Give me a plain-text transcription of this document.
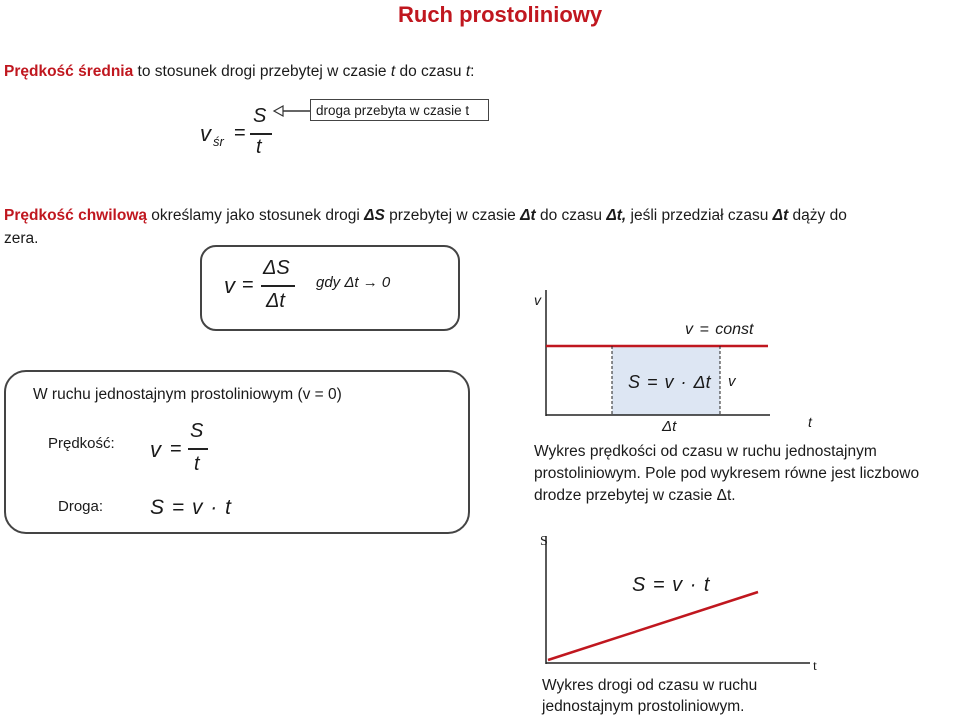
Ruch prostoliniowy
Prędkość średnia to stosunek drogi przebytej w czasie t do czasu t:
v śr =
S
t
droga przebyta w czasie t
Prędkość chwilową określamy jako stosunek drogi ΔS przebytej w czasie Δt do czasu Δt, jeśli przedział czasu Δt dąży do
zera.
v =
ΔS
Δt
gdy Δt → 0
W ruchu jednostajnym prostoliniowym (v = 0)
Prędkość: v =
S
t
Droga: S = v · t
v
v = const
S = v · Δt v
Δt	t
Wykres prędkości od czasu w ruchu jednostajnym
prostoliniowym. Pole pod wykresem równe jest liczbowo
drodze przebytej w czasie Δt.
S
S = v · t
t
Wykres drogi od czasu w ruchu
jednostajnym prostoliniowym.
